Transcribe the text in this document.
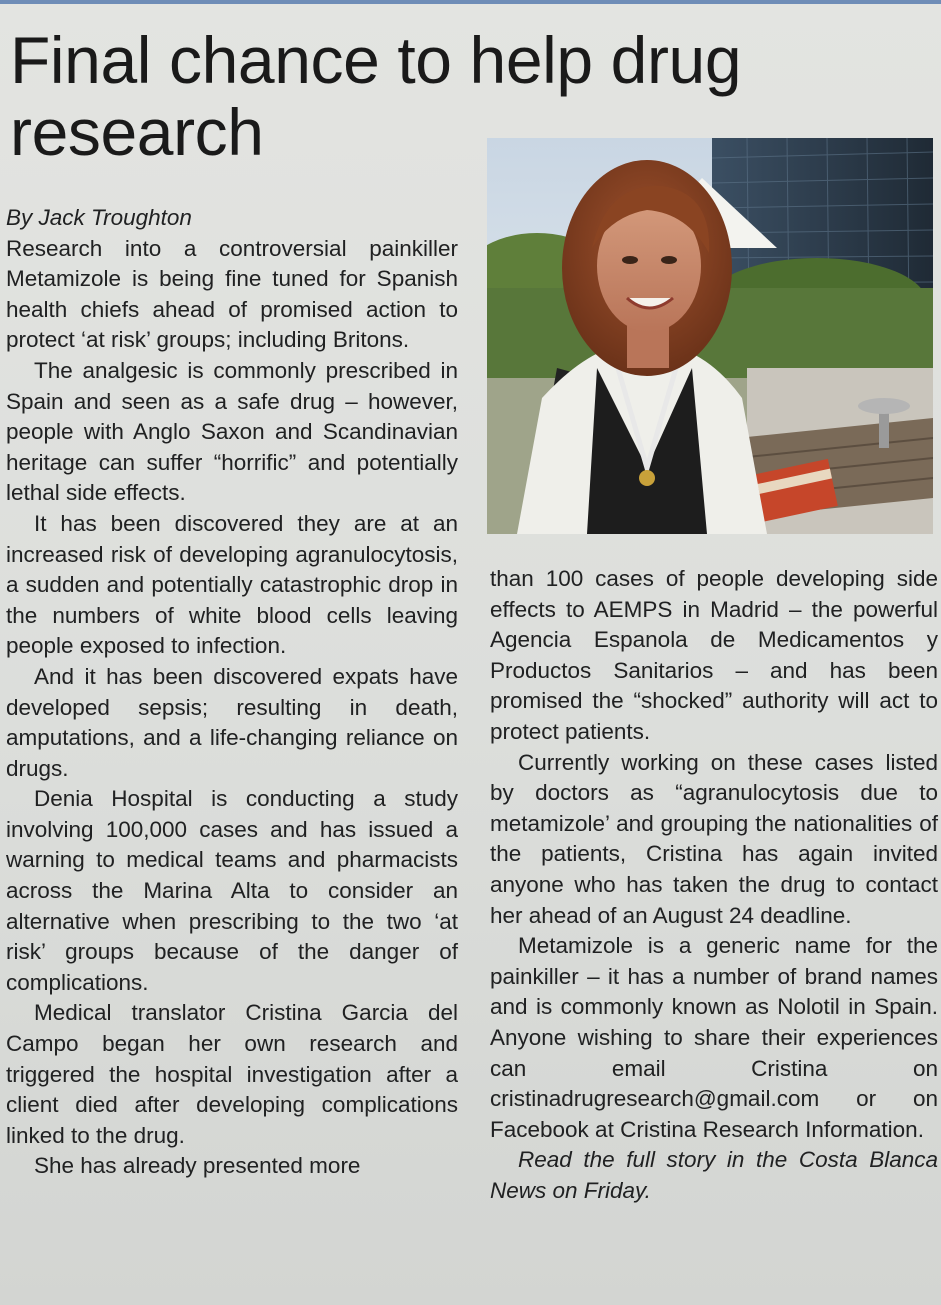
Final chance to help drug research

By Jack Troughton

Research into a controversial painkiller Metamizole is being fine tuned for Spanish health chiefs ahead of promised action to protect ‘at risk’ groups; including Britons.

The analgesic is commonly prescribed in Spain and seen as a safe drug – however, people with Anglo Saxon and Scandinavian heritage can suffer “horrific” and potentially lethal side effects.

It has been discovered they are at an increased risk of developing agranulocytosis, a sudden and potentially catastrophic drop in the numbers of white blood cells leaving people exposed to infection.

And it has been discovered expats have developed sepsis; resulting in death, amputations, and a life-changing reliance on drugs.

Denia Hospital is conducting a study involving 100,000 cases and has issued a warning to medical teams and pharmacists across the Marina Alta to consider an alternative when prescribing to the two ‘at risk’ groups because of the danger of complications.

Medical translator Cristina Garcia del Campo began her own research and triggered the hospital investigation after a client died after developing complications linked to the drug.

She has already presented more

than 100 cases of people developing side effects to AEMPS in Madrid – the powerful Agencia Espanola de Medicamentos y Productos Sanitarios – and has been promised the “shocked” authority will act to protect patients.

Currently working on these cases listed by doctors as “agranulocytosis due to metamizole’ and grouping the nationalities of the patients, Cristina has again invited anyone who has taken the drug to contact her ahead of an August 24 deadline.

Metamizole is a generic name for the painkiller – it has a number of brand names and is commonly known as Nolotil in Spain. Anyone wishing to share their experiences can email Cristina on cristinadrugresearch@gmail.com or on Facebook at Cristina Research Information.

Read the full story in the Costa Blanca News on Friday.
